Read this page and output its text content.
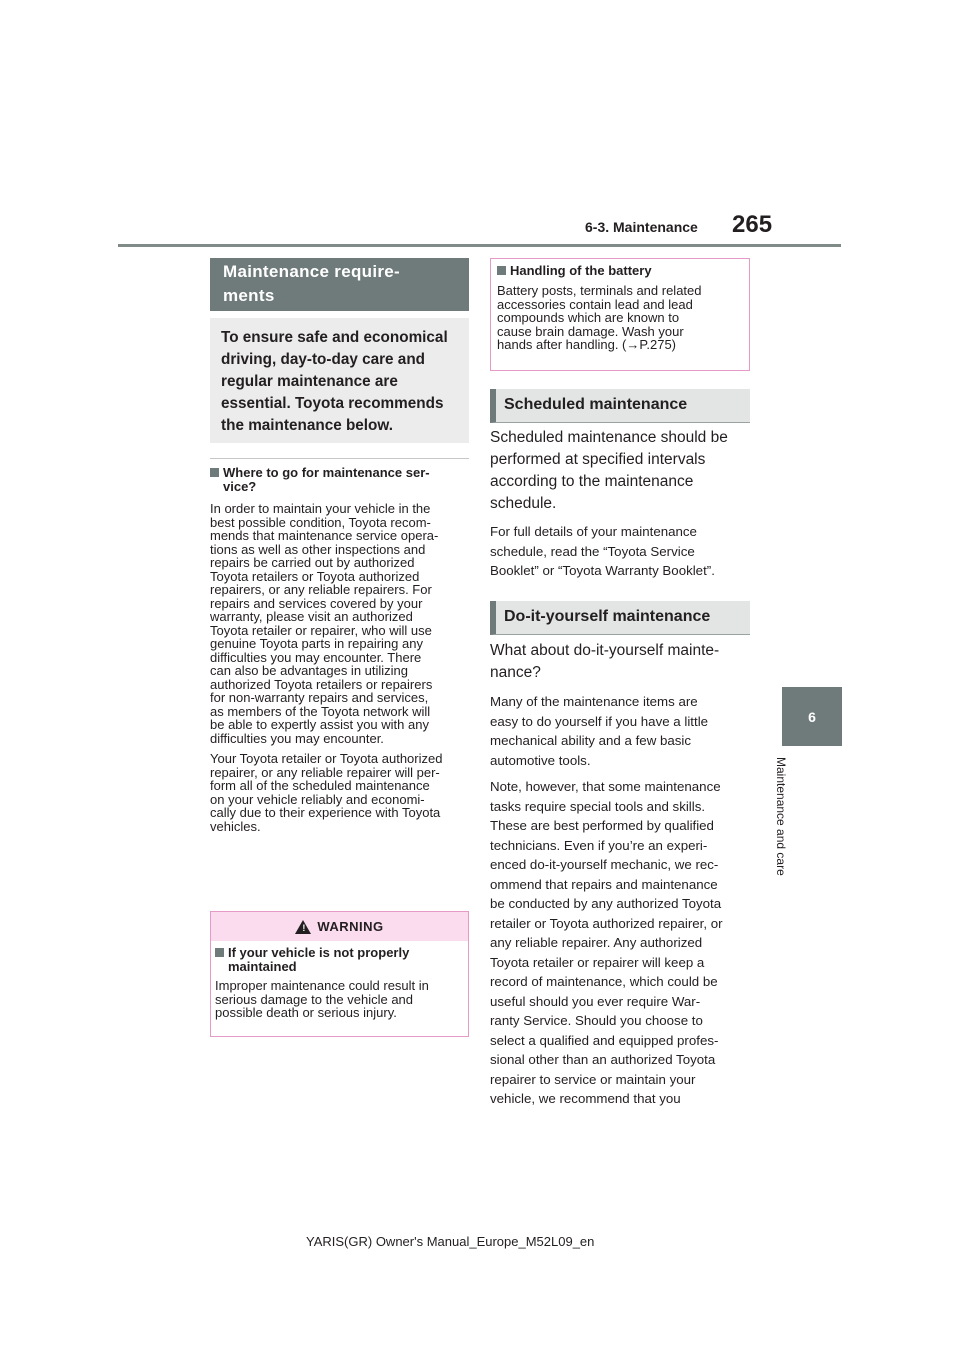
6-3. Maintenance 265
6
Maintenance and care
Maintenance require-
ments
To ensure safe and economical
driving, day-to-day care and
regular maintenance are
essential. Toyota recommends
the maintenance below.
Where to go for maintenance ser-
vice?
In order to maintain your vehicle in the
best possible condition, Toyota recom-
mends that maintenance service opera-
tions as well as other inspections and
repairs be carried out by authorized
Toyota retailers or Toyota authorized
repairers, or any reliable repairers. For
repairs and services covered by your
warranty, please visit an authorized
Toyota retailer or repairer, who will use
genuine Toyota parts in repairing any
difficulties you may encounter. There
can also be advantages in utilizing
authorized Toyota retailers or repairers
for non-warranty repairs and services,
as members of the Toyota network will
be able to expertly assist you with any
difficulties you may encounter.
Your Toyota retailer or Toyota authorized
repairer, or any reliable repairer will per-
form all of the scheduled maintenance
on your vehicle reliably and economi-
cally due to their experience with Toyota
vehicles.
! WARNING
If your vehicle is not properly
maintained
Improper maintenance could result in
serious damage to the vehicle and
possible death or serious injury.
Handling of the battery
Battery posts, terminals and related
accessories contain lead and lead
compounds which are known to
cause brain damage. Wash your
hands after handling. (→P.275)
Scheduled maintenance
Scheduled maintenance should be
performed at specified intervals
according to the maintenance
schedule.
For full details of your maintenance
schedule, read the “Toyota Service
Booklet” or “Toyota Warranty Booklet”.
Do-it-yourself maintenance
What about do-it-yourself mainte-
nance?
Many of the maintenance items are
easy to do yourself if you have a little
mechanical ability and a few basic
automotive tools.
Note, however, that some maintenance
tasks require special tools and skills.
These are best performed by qualified
technicians. Even if you’re an experi-
enced do-it-yourself mechanic, we rec-
ommend that repairs and maintenance
be conducted by any authorized Toyota
retailer or Toyota authorized repairer, or
any reliable repairer. Any authorized
Toyota retailer or repairer will keep a
record of maintenance, which could be
useful should you ever require War-
ranty Service. Should you choose to
select a qualified and equipped profes-
sional other than an authorized Toyota
repairer to service or maintain your
vehicle, we recommend that you
YARIS(GR) Owner's Manual_Europe_M52L09_en
